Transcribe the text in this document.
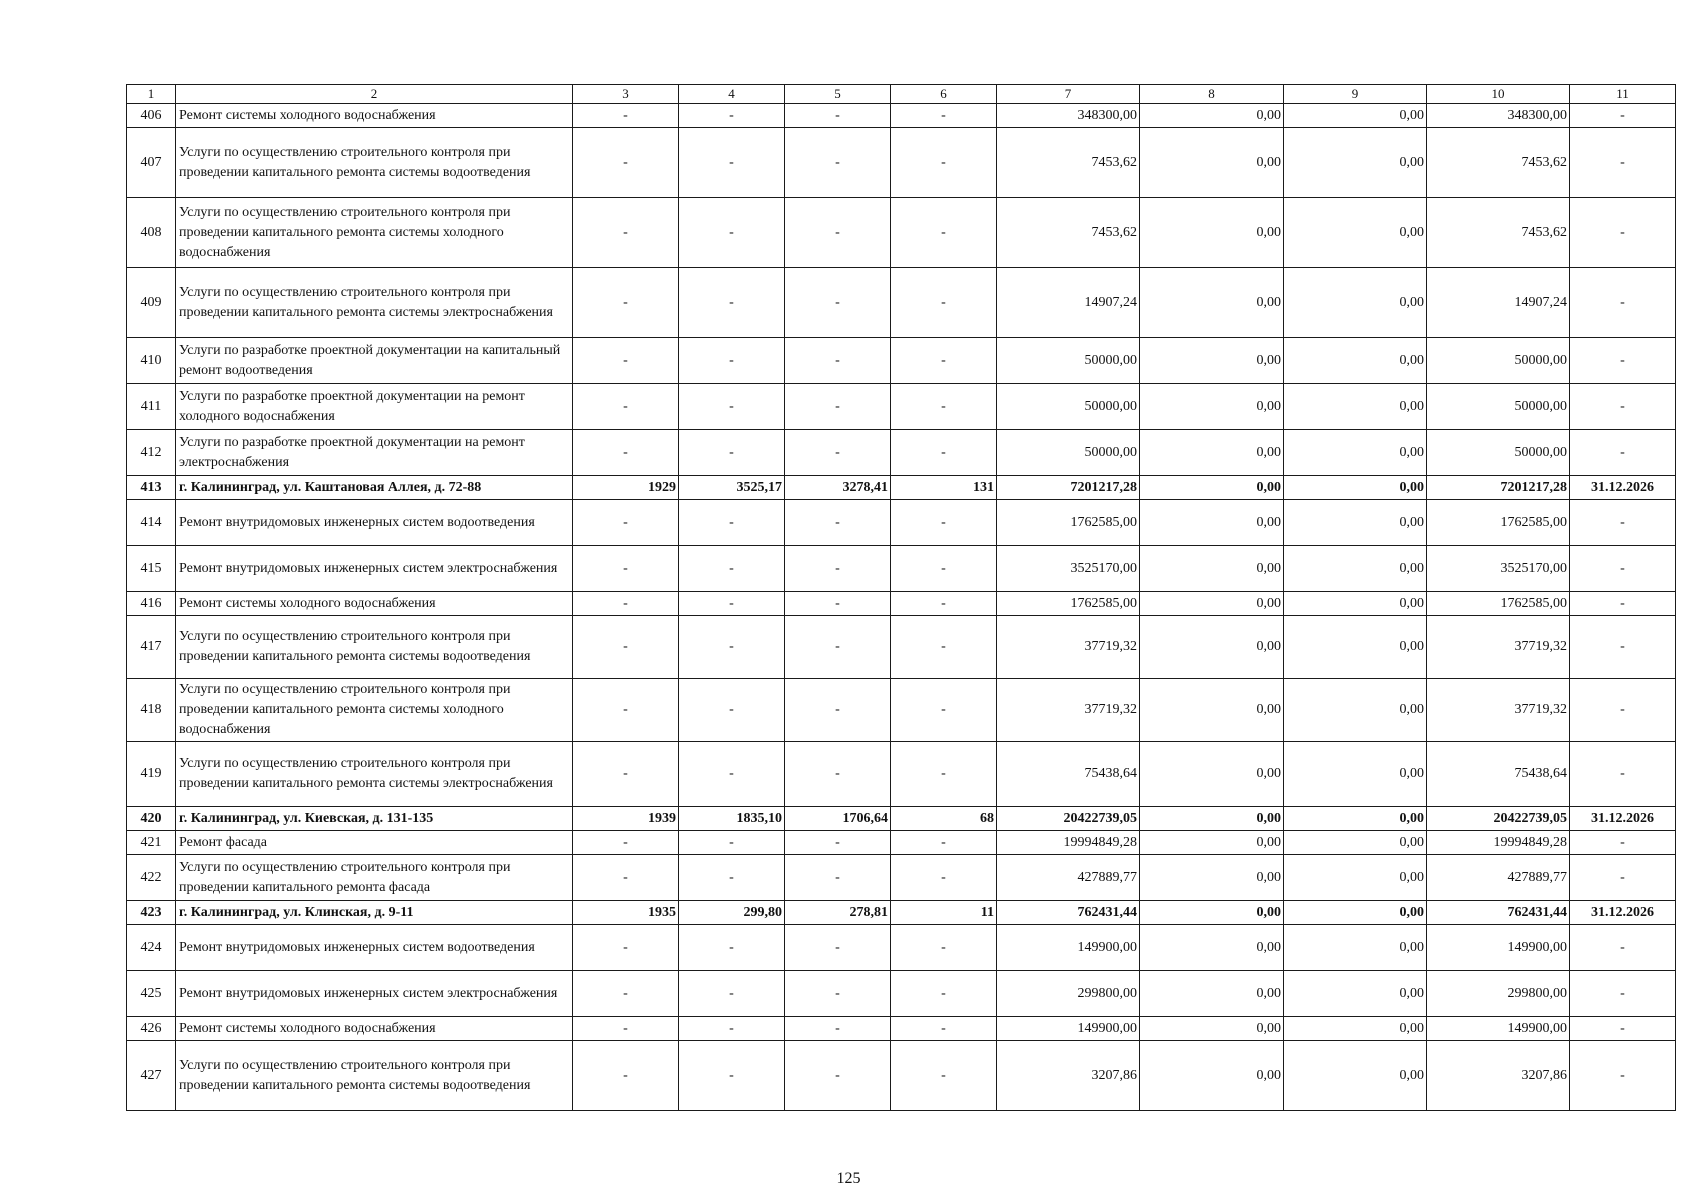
1	2	3	4	5	6	7	8	9	10	11
406	Ремонт системы холодного водоснабжения	-	-	-	-	348300,00	0,00	0,00	348300,00	-
407	Услуги по осуществлению строительного контроля при проведении капитального ремонта системы водоотведения	-	-	-	-	7453,62	0,00	0,00	7453,62	-
408	Услуги по осуществлению строительного контроля при проведении капитального ремонта системы холодного водоснабжения	-	-	-	-	7453,62	0,00	0,00	7453,62	-
409	Услуги по осуществлению строительного контроля при проведении капитального ремонта системы электроснабжения	-	-	-	-	14907,24	0,00	0,00	14907,24	-
410	Услуги по разработке проектной документации на капитальный ремонт водоотведения	-	-	-	-	50000,00	0,00	0,00	50000,00	-
411	Услуги по разработке проектной документации на ремонт холодного водоснабжения	-	-	-	-	50000,00	0,00	0,00	50000,00	-
412	Услуги по разработке проектной документации на ремонт электроснабжения	-	-	-	-	50000,00	0,00	0,00	50000,00	-
413	г. Калининград, ул. Каштановая Аллея, д. 72-88	1929	3525,17	3278,41	131	7201217,28	0,00	0,00	7201217,28	31.12.2026
414	Ремонт внутридомовых инженерных систем водоотведения	-	-	-	-	1762585,00	0,00	0,00	1762585,00	-
415	Ремонт внутридомовых инженерных систем электроснабжения	-	-	-	-	3525170,00	0,00	0,00	3525170,00	-
416	Ремонт системы холодного водоснабжения	-	-	-	-	1762585,00	0,00	0,00	1762585,00	-
417	Услуги по осуществлению строительного контроля при проведении капитального ремонта системы водоотведения	-	-	-	-	37719,32	0,00	0,00	37719,32	-
418	Услуги по осуществлению строительного контроля при проведении капитального ремонта системы холодного водоснабжения	-	-	-	-	37719,32	0,00	0,00	37719,32	-
419	Услуги по осуществлению строительного контроля при проведении капитального ремонта системы электроснабжения	-	-	-	-	75438,64	0,00	0,00	75438,64	-
420	г. Калининград, ул. Киевская, д. 131-135	1939	1835,10	1706,64	68	20422739,05	0,00	0,00	20422739,05	31.12.2026
421	Ремонт фасада	-	-	-	-	19994849,28	0,00	0,00	19994849,28	-
422	Услуги по осуществлению строительного контроля при проведении капитального ремонта фасада	-	-	-	-	427889,77	0,00	0,00	427889,77	-
423	г. Калининград, ул. Клинская, д. 9-11	1935	299,80	278,81	11	762431,44	0,00	0,00	762431,44	31.12.2026
424	Ремонт внутридомовых инженерных систем водоотведения	-	-	-	-	149900,00	0,00	0,00	149900,00	-
425	Ремонт внутридомовых инженерных систем электроснабжения	-	-	-	-	299800,00	0,00	0,00	299800,00	-
426	Ремонт системы холодного водоснабжения	-	-	-	-	149900,00	0,00	0,00	149900,00	-
427	Услуги по осуществлению строительного контроля при проведении капитального ремонта системы водоотведения	-	-	-	-	3207,86	0,00	0,00	3207,86	-
125
